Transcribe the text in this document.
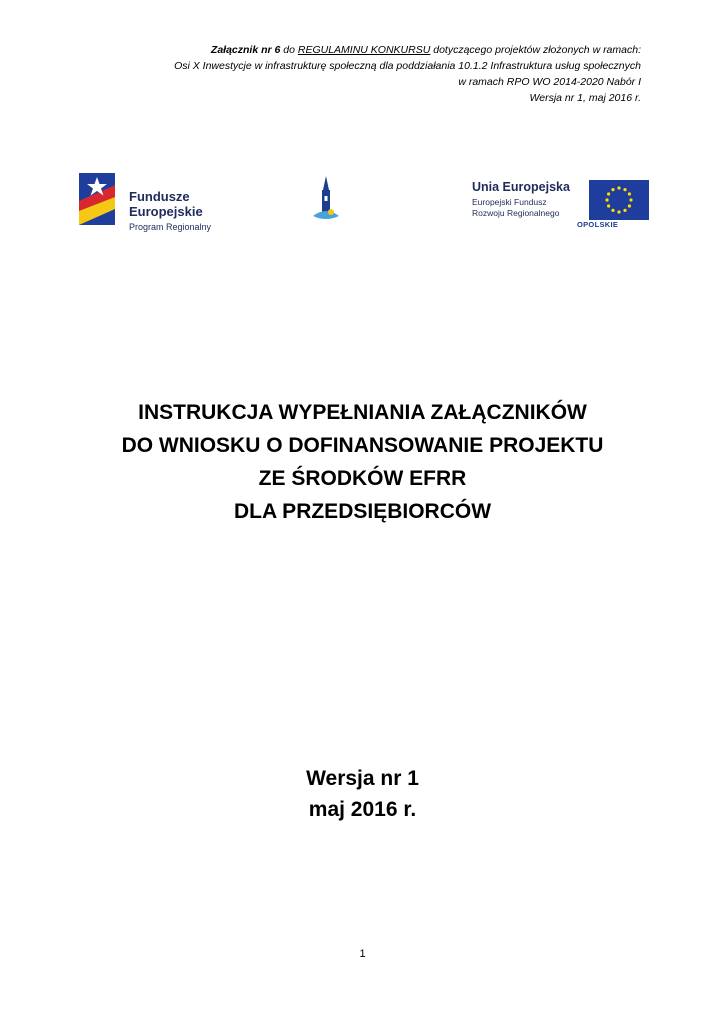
Załącznik nr 6 do REGULAMINU KONKURSU dotyczącego projektów złożonych w ramach:
Osi X Inwestycje w infrastrukturę społeczną dla poddziałania 10.1.2 Infrastruktura usług społecznych
w ramach RPO WO 2014-2020 Nabór I
Wersja nr 1, maj 2016 r.
Fundusze
Europejskie
Program Regionalny	OPOLSKIE
Unia Europejska
Europejski Fundusz
Rozwoju Regionalnego
INSTRUKCJA WYPEŁNIANIA ZAŁĄCZNIKÓW
DO WNIOSKU O DOFINANSOWANIE PROJEKTU
ZE ŚRODKÓW EFRR
DLA PRZEDSIĘBIORCÓW
Wersja nr 1
maj 2016 r.
1
